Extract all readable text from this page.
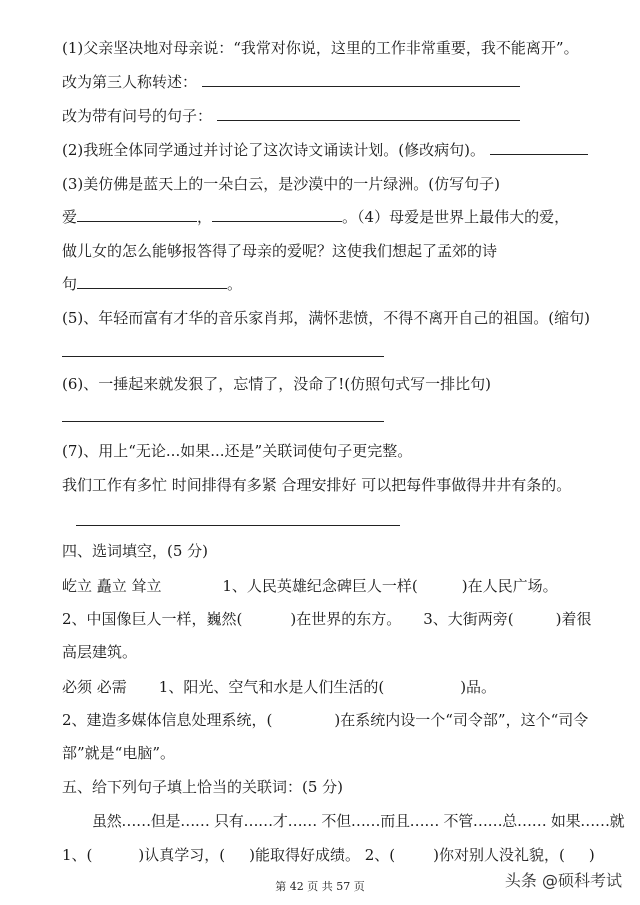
(1)父亲坚决地对母亲说：“我常对你说，这里的工作非常重要，我不能离开”。
改为第三人称转述：
改为带有问号的句子：
(2)我班全体同学通过并讨论了这次诗文诵读计划。(修改病句)。
(3)美仿佛是蓝天上的一朵白云，是沙漠中的一片绿洲。(仿写句子)
爱	，	。（4）母爱是世界上最伟大的爱，
做儿女的怎么能够报答得了母亲的爱呢？这使我们想起了孟郊的诗
句	。
(5)、年轻而富有才华的音乐家肖邦，满怀悲愤，不得不离开自己的祖国。(缩句)
(6)、一捶起来就发狠了，忘情了，没命了!(仿照句式写一排比句)
(7)、用上“无论...如果...还是”关联词使句子更完整。
我们工作有多忙 时间排得有多紧 合理安排好 可以把每件事做得井井有条的。
四、选词填空，(5 分)
屹立 矗立 耸立	1、人民英雄纪念碑巨人一样(	)在人民广场。
2、中国像巨人一样，巍然(	)在世界的东方。 3、大街两旁(	)着很
高层建筑。
必须 必需 1、阳光、空气和水是人们生活的(	)品。
2、建造多媒体信息处理系统，(	)在系统内设一个“司令部”，这个“司令
部”就是“电脑”。
五、给下列句子填上恰当的关联词：(5 分)
虽然……但是…… 只有……才…… 不但……而且…… 不管……总…… 如果……就
1、(	)认真学习，( )能取得好成绩。 2、(	)你对别人没礼貌，( )
第 42 页 共 57 页	头条 @硕科考试
